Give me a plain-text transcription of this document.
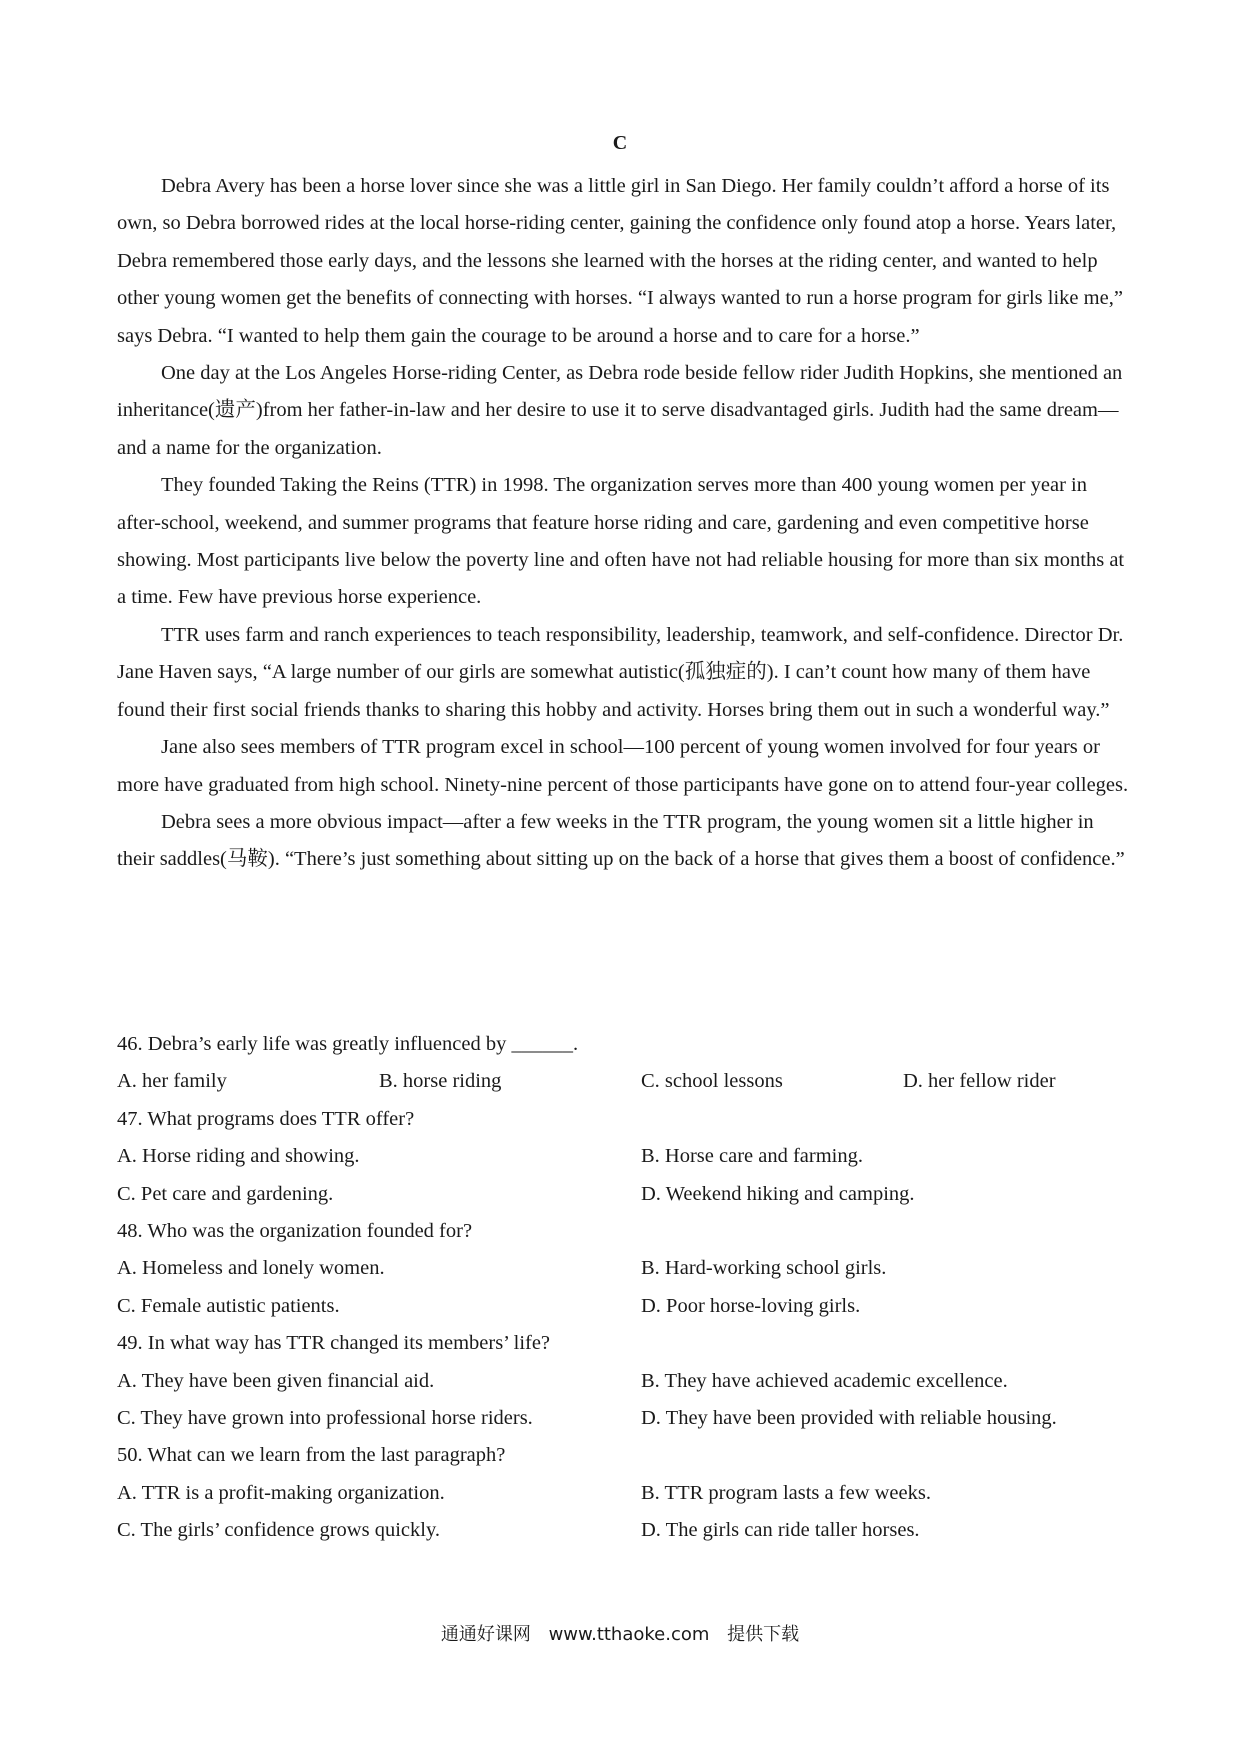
C

Debra Avery has been a horse lover since she was a little girl in San Diego. Her family couldn’t afford a horse of its own, so Debra borrowed rides at the local horse-riding center, gaining the confidence only found atop a horse. Years later, Debra remembered those early days, and the lessons she learned with the horses at the riding center, and wanted to help other young women get the benefits of connecting with horses. “I always wanted to run a horse program for girls like me,” says Debra. “I wanted to help them gain the courage to be around a horse and to care for a horse.”

One day at the Los Angeles Horse-riding Center, as Debra rode beside fellow rider Judith Hopkins, she mentioned an inheritance(遗产)from her father-in-law and her desire to use it to serve disadvantaged girls. Judith had the same dream—and a name for the organization.

They founded Taking the Reins (TTR) in 1998. The organization serves more than 400 young women per year in after-school, weekend, and summer programs that feature horse riding and care, gardening and even competitive horse showing. Most participants live below the poverty line and often have not had reliable housing for more than six months at a time. Few have previous horse experience.

TTR uses farm and ranch experiences to teach responsibility, leadership, teamwork, and self-confidence. Director Dr. Jane Haven says, “A large number of our girls are somewhat autistic(孤独症的). I can’t count how many of them have found their first social friends thanks to sharing this hobby and activity. Horses bring them out in such a wonderful way.”

Jane also sees members of TTR program excel in school—100 percent of young women involved for four years or more have graduated from high school. Ninety-nine percent of those participants have gone on to attend four-year colleges.

Debra sees a more obvious impact—after a few weeks in the TTR program, the young women sit a little higher in their saddles(马鞍). “There’s just something about sitting up on the back of a horse that gives them a boost of confidence.”

46. Debra’s early life was greatly influenced by ______.

A. her family	B. horse riding	C. school lessons	D. her fellow rider

47. What programs does TTR offer?

A. Horse riding and showing.	B. Horse care and farming.
C. Pet care and gardening.	D. Weekend hiking and camping.

48. Who was the organization founded for?

A. Homeless and lonely women.	B. Hard-working school girls.
C. Female autistic patients.	D. Poor horse-loving girls.

49. In what way has TTR changed its members’ life?

A. They have been given financial aid.	B. They have achieved academic excellence.
C. They have grown into professional horse riders.	D. They have been provided with reliable housing.

50. What can we learn from the last paragraph?

A. TTR is a profit-making organization.	B. TTR program lasts a few weeks.
C. The girls’ confidence grows quickly.	D. The girls can ride taller horses.
通通好课网 www.tthaoke.com 提供下载
